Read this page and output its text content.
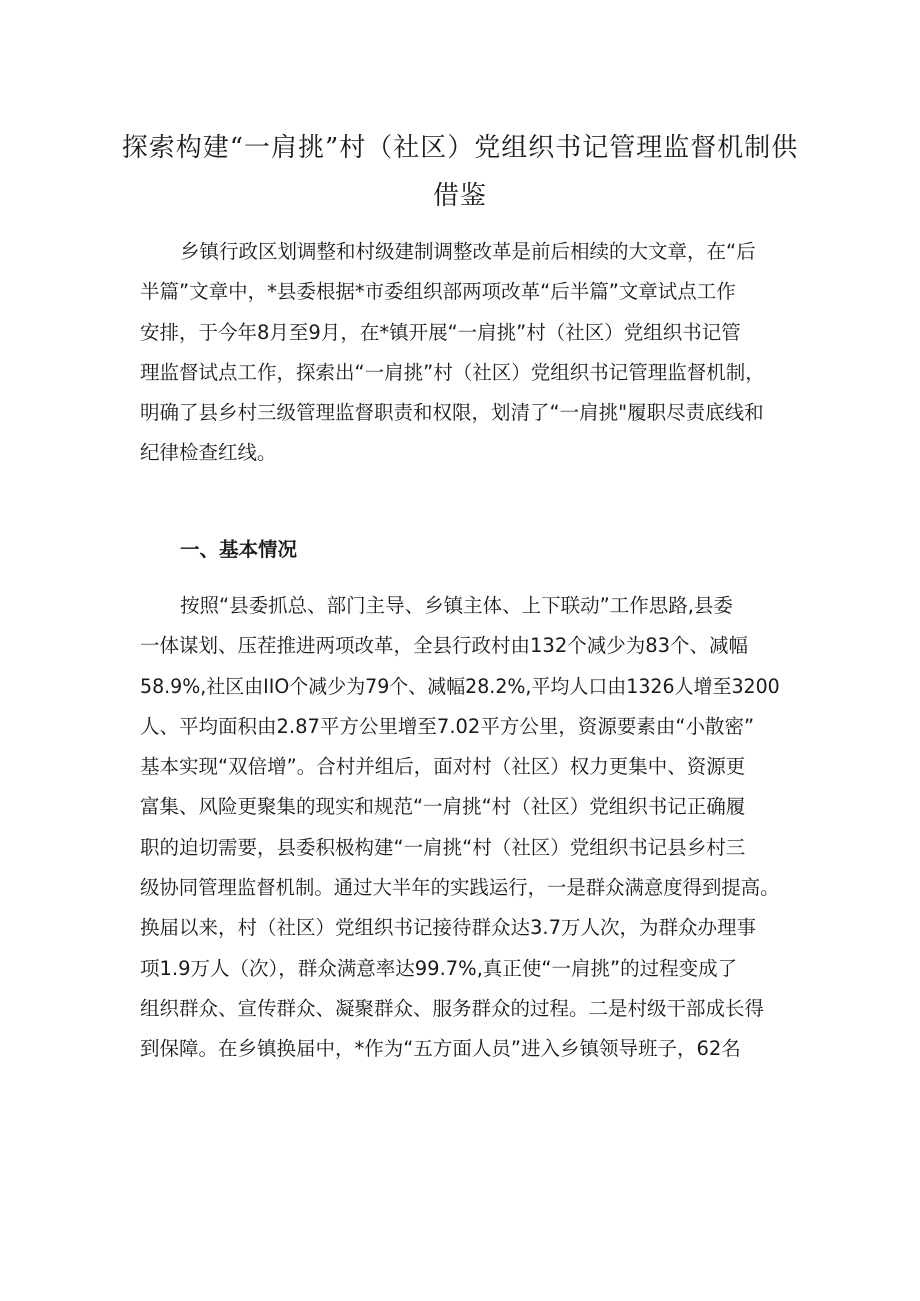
探索构建“一肩挑”村（社区）党组织书记管理监督机制供
借鉴
乡镇行政区划调整和村级建制调整改革是前后相续的大文章，在“后
半篇”文章中，*县委根据*市委组织部两项改革“后半篇”文章试点工作
安排，于今年8月至9月，在*镇开展“一肩挑”村（社区）党组织书记管
理监督试点工作，探索出“一肩挑”村（社区）党组织书记管理监督机制，
明确了县乡村三级管理监督职责和权限，划清了“一肩挑"履职尽责底线和
纪律检查红线。
一、基本情况
按照“县委抓总、部门主导、乡镇主体、上下联动”工作思路,县委
一体谋划、压茬推进两项改革，全县行政村由132个减少为83个、减幅
58.9%,社区由IIO个减少为79个、减幅28.2%,平均人口由1326人增至3200
人、平均面积由2.87平方公里增至7.02平方公里，资源要素由“小散密”
基本实现“双倍增”。合村并组后，面对村（社区）权力更集中、资源更
富集、风险更聚集的现实和规范“一肩挑“村（社区）党组织书记正确履
职的迫切需要，县委积极构建“一肩挑“村（社区）党组织书记县乡村三
级协同管理监督机制。通过大半年的实践运行，一是群众满意度得到提高。
换届以来，村（社区）党组织书记接待群众达3.7万人次，为群众办理事
项1.9万人（次），群众满意率达99.7%,真正使“一肩挑”的过程变成了
组织群众、宣传群众、凝聚群众、服务群众的过程。二是村级干部成长得
到保障。在乡镇换届中，*作为“五方面人员”进入乡镇领导班子，62名
